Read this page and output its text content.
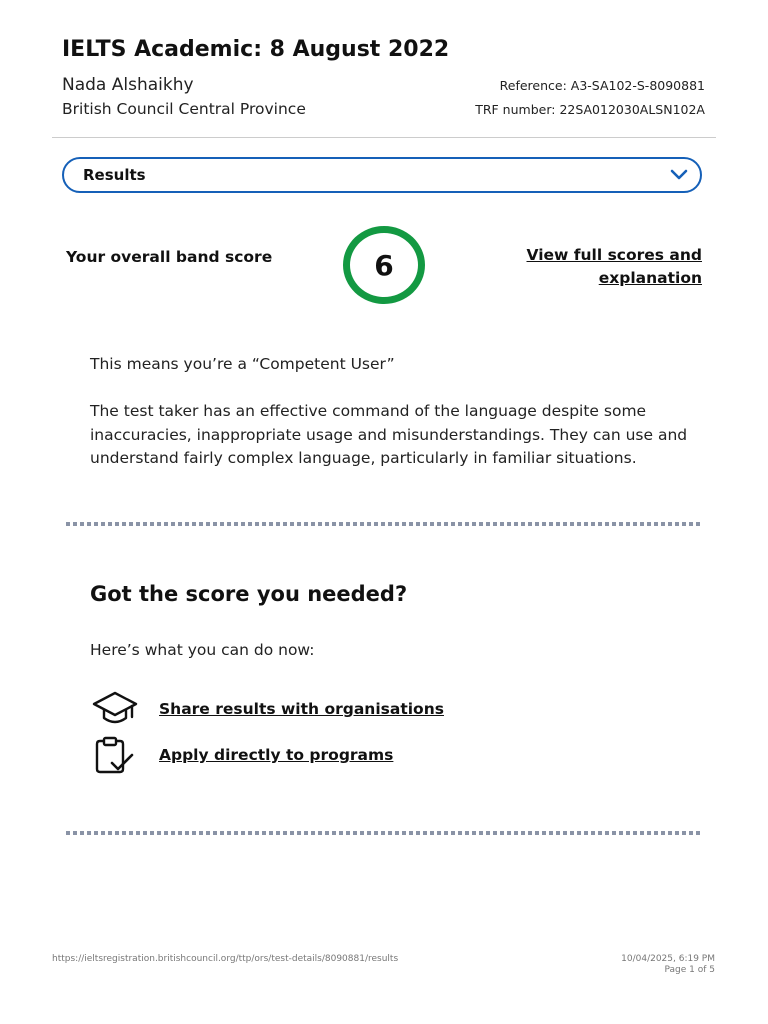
IELTS Academic: 8 August 2022
Nada Alshaikhy
British Council Central Province
Reference: A3-SA102-S-8090881
TRF number: 22SA012030ALSN102A
Results
Your overall band score	6	View full scores and explanation

This means you’re a “Competent User”

The test taker has an effective command of the language despite some inaccuracies, inappropriate usage and misunderstandings. They can use and understand fairly complex language, particularly in familiar situations.

Got the score you needed?

Here’s what you can do now:

Share results with organisations
Apply directly to programs
https://ieltsregistration.britishcouncil.org/ttp/ors/test-details/8090881/results	10/04/2025, 6:19 PM
Page 1 of 5
